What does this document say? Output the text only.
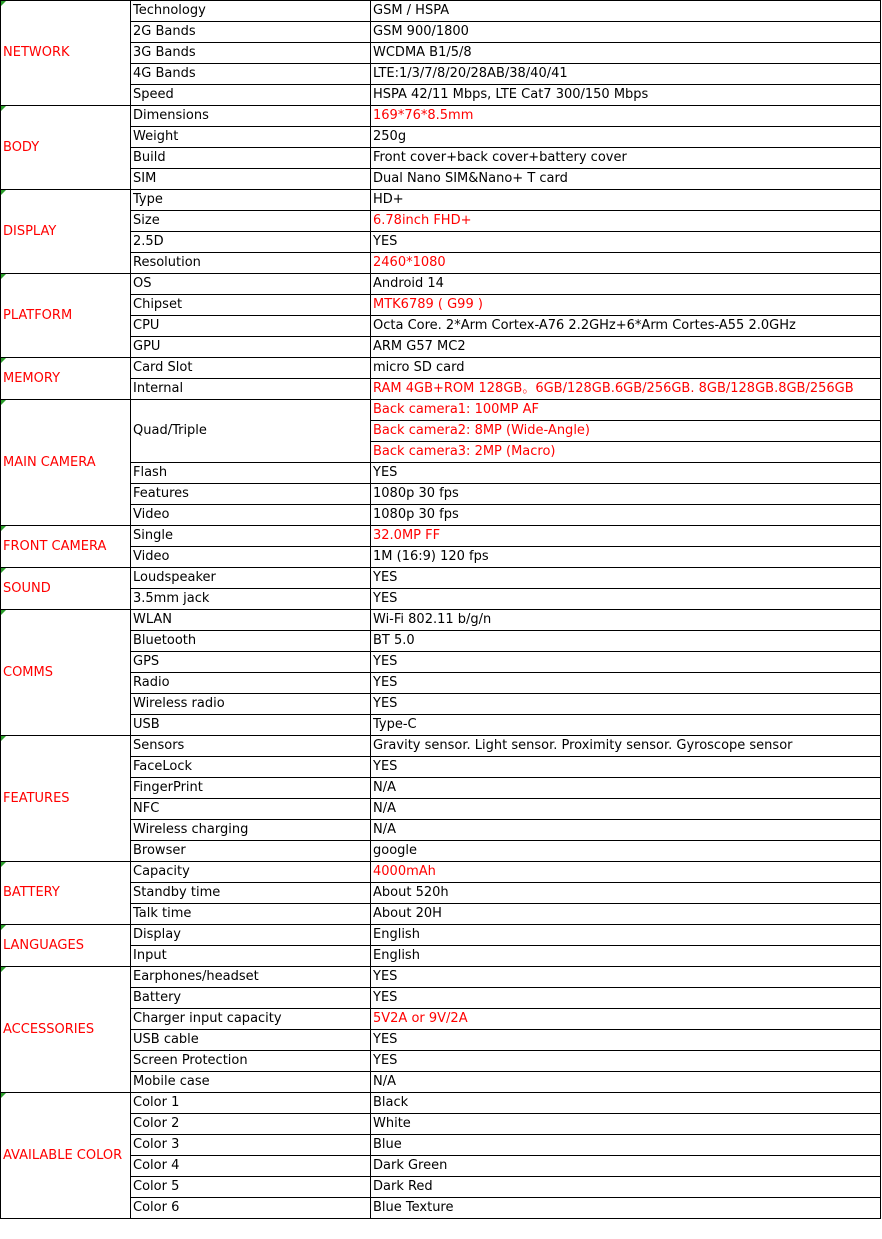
NETWORK	Technology	GSM / HSPA
	2G Bands	GSM 900/1800
	3G Bands	WCDMA B1/5/8
	4G Bands	LTE:1/3/7/8/20/28AB/38/40/41
	Speed	HSPA 42/11 Mbps, LTE Cat7 300/150 Mbps
BODY	Dimensions	169*76*8.5mm
	Weight	250g
	Build	Front cover+back cover+battery cover
	SIM	Dual Nano SIM&Nano+ T card
DISPLAY	Type	HD+
	Size	6.78inch FHD+
	2.5D	YES
	Resolution	2460*1080
PLATFORM	OS	Android 14
	Chipset	MTK6789 ( G99 )
	CPU	Octa Core. 2*Arm Cortex-A76 2.2GHz+6*Arm Cortes-A55 2.0GHz
	GPU	ARM G57 MC2
MEMORY	Card Slot	micro SD card
	Internal	RAM 4GB+ROM 128GB。6GB/128GB.6GB/256GB. 8GB/128GB.8GB/256GB
MAIN CAMERA	Quad/Triple	Back camera1: 100MP AF
		Back camera2: 8MP (Wide-Angle)
		Back camera3: 2MP (Macro)
	Flash	YES
	Features	1080p 30 fps
	Video	1080p 30 fps
FRONT CAMERA	Single	32.0MP FF
	Video	1M (16:9) 120 fps
SOUND	Loudspeaker	YES
	3.5mm jack	YES
COMMS	WLAN	Wi-Fi 802.11 b/g/n
	Bluetooth	BT 5.0
	GPS	YES
	Radio	YES
	Wireless radio	YES
	USB	Type-C
FEATURES	Sensors	Gravity sensor. Light sensor. Proximity sensor. Gyroscope sensor
	FaceLock	YES
	FingerPrint	N/A
	NFC	N/A
	Wireless charging	N/A
	Browser	google
BATTERY	Capacity	4000mAh
	Standby time	About 520h
	Talk time	About 20H
LANGUAGES	Display	English
	Input	English
ACCESSORIES	Earphones/headset	YES
	Battery	YES
	Charger input capacity	5V2A or 9V/2A
	USB cable	YES
	Screen Protection	YES
	Mobile case	N/A
AVAILABLE COLOR	Color 1	Black
	Color 2	White
	Color 3	Blue
	Color 4	Dark Green
	Color 5	Dark Red
	Color 6	Blue Texture
